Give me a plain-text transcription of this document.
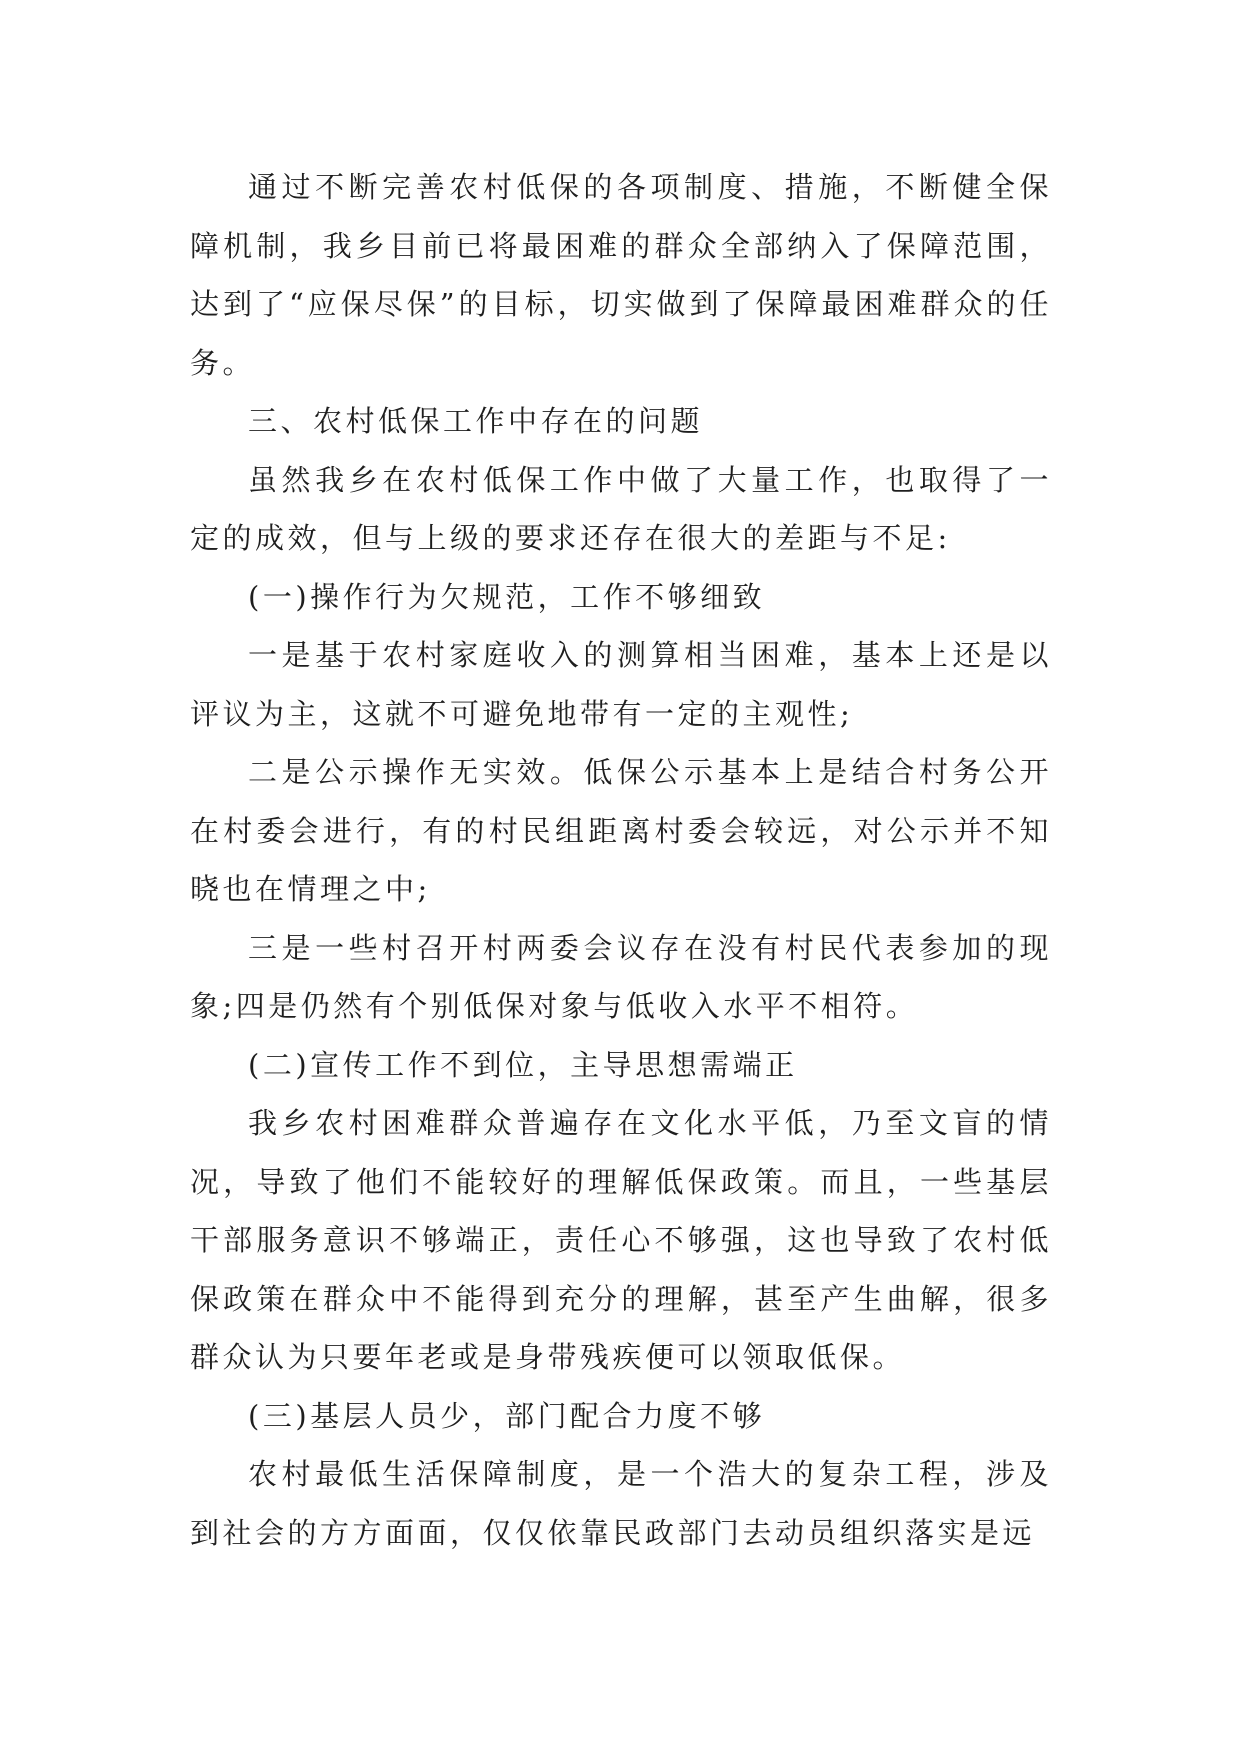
通过不断完善农村低保的各项制度、措施，不断健全保障机制，我乡目前已将最困难的群众全部纳入了保障范围，达到了“应保尽保”的目标，切实做到了保障最困难群众的任务。

三、农村低保工作中存在的问题

虽然我乡在农村低保工作中做了大量工作，也取得了一定的成效，但与上级的要求还存在很大的差距与不足:

(一)操作行为欠规范，工作不够细致

一是基于农村家庭收入的测算相当困难，基本上还是以评议为主，这就不可避免地带有一定的主观性;

二是公示操作无实效。低保公示基本上是结合村务公开在村委会进行，有的村民组距离村委会较远，对公示并不知晓也在情理之中;

三是一些村召开村两委会议存在没有村民代表参加的现象;四是仍然有个别低保对象与低收入水平不相符。

(二)宣传工作不到位，主导思想需端正

我乡农村困难群众普遍存在文化水平低，乃至文盲的情况，导致了他们不能较好的理解低保政策。而且，一些基层干部服务意识不够端正，责任心不够强，这也导致了农村低保政策在群众中不能得到充分的理解，甚至产生曲解，很多群众认为只要年老或是身带残疾便可以领取低保。

(三)基层人员少，部门配合力度不够

农村最低生活保障制度，是一个浩大的复杂工程，涉及到社会的方方面面，仅仅依靠民政部门去动员组织落实是远
